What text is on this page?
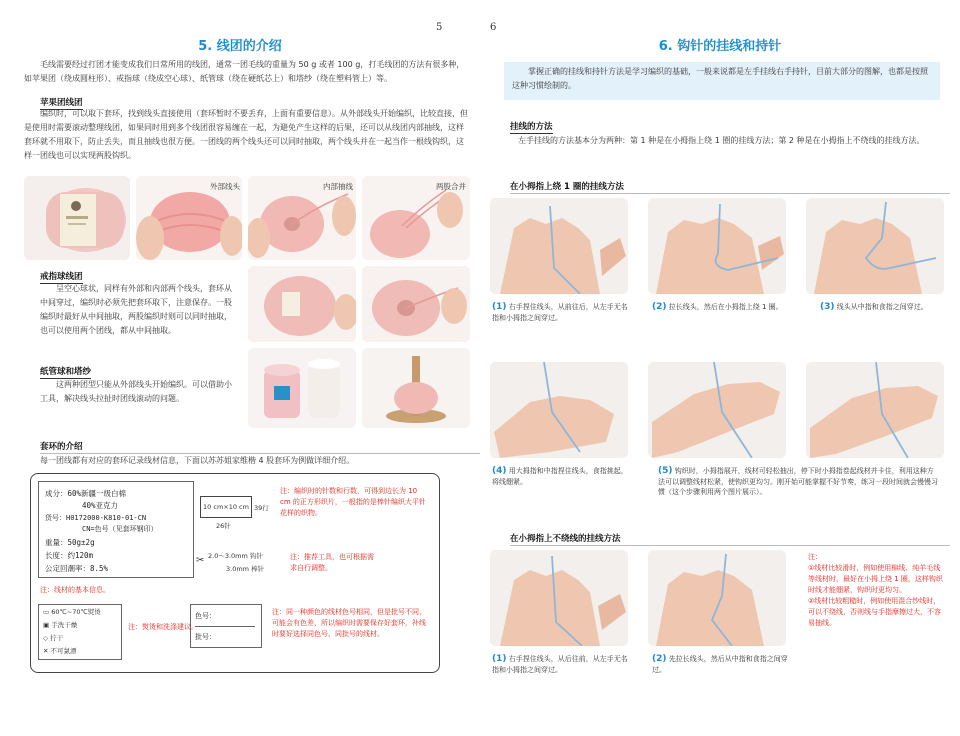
5
5. 线团的介绍
毛线需要经过打团才能变成我们日常所用的线团，通常一团毛线的重量为 50 g 或者 100 g，打毛线团的方法有很多种，如苹果团（绕成圆柱形）、戒指球（绕成空心球）、纸管球（绕在硬纸芯上）和塔纱（绕在塑料管上）等。
苹果团线团
编织时，可以取下套环，找到线头直接使用（套环暂时不要丢弃，上面有重要信息）。从外部线头开始编织，比较直接，但是使用时需要滚动整理线团，如果同时用到多个线团很容易缠在一起，为避免产生这样的后果，还可以从线团内部抽线，这样套环就不用取下，防止丢失，而且抽线也很方便。一团线的两个线头还可以同时抽取，两个线头并在一起当作一根线钩织，这样一团线也可以实现两股钩织。
外部线头	内部抽线	两股合并
戒指球线团
呈空心球状，同样有外部和内部两个线头，套环从中间穿过，编织时必须先把套环取下，注意保存。一股编织时最好从中间抽取，两股编织时则可以同时抽取，也可以使用两个团线，都从中间抽取。
纸管球和塔纱
这两种团型只能从外部线头开始编织。可以借助小工具，解决线头拉扯时团线滚动的问题。
套环的介绍
每一团线都有对应的套环记录线材信息，下面以苏苏姐家维楷 4 股套环为例做详细介绍。
成分：60%新疆一级白棉
40%亚克力
货号：H0172000-K810-01-CN
CN=色号（见套环钢印）
重量：50g±2g
长度：约120m
公定回潮率：8.5%
10 cm×10 cm 39行
26针
注：编织时的针数和行数，可得到边长为 10 cm 的正方形织片，一般指的是棒针编织大平针花样的织物。
✂ 2.0～3.0mm 钩针
3.0mm 棒针
注：推荐工具，也可根据需求自行调整。
注：线材的基本信息。
▭ 60℃~70℃熨烫
▣ 手洗干燥
◇ 拧干
✕ 不可氯漂
注：熨烫和洗涤建议。
色号：
批号：
注：同一种颜色的线材色号相同，但是批号不同，可能会有色差，所以编织时需要保存好套环，补线时要好选择同色号、同批号的线材。
6
6. 钩针的挂线和持针
掌握正确的挂线和持针方法是学习编织的基础，一般来说都是左手挂线右手持针，目前大部分的图解，也都是按照这种习惯绘制的。
挂线的方法
左手挂线的方法基本分为两种：第 1 种是在小拇指上绕 1 圈的挂线方法；第 2 种是在小拇指上不绕线的挂线方法。
在小拇指上绕 1 圈的挂线方法
(1) 右手捏住线头，从前往后，从左手无名指和小拇指之间穿过。
(2) 拉长线头，然后在小拇指上绕 1 圈。	(3) 线头从中指和食指之间穿过。
(4) 用大拇指和中指捏住线头，食指挑起，将线绷紧。
(5) 钩织时，小拇指展开，线材可轻松抽出，停下时小拇指卷起线材并卡住，利用这种方法可以调整线材松紧，使钩织更均匀。刚开始可能掌握不好节奏，练习一段时间就会慢慢习惯（这个步骤利用两个图片展示）。
在小拇指上不绕线的挂线方法
注：
①线材比较滑时，例如使用棉线、纯羊毛线等线材时，最好在小拇上绕 1 圈，这样钩织时线才能绷紧，钩织时更均匀。
②线材比较粗糙时，例如使用混合纱线时，可以不绕线，否则线与手指摩擦过大，不容易抽线。
(1) 右手捏住线头，从后往前，从左手无名指和小拇指之间穿过。
(2) 先拉长线头，然后从中指和食指之间穿过。
